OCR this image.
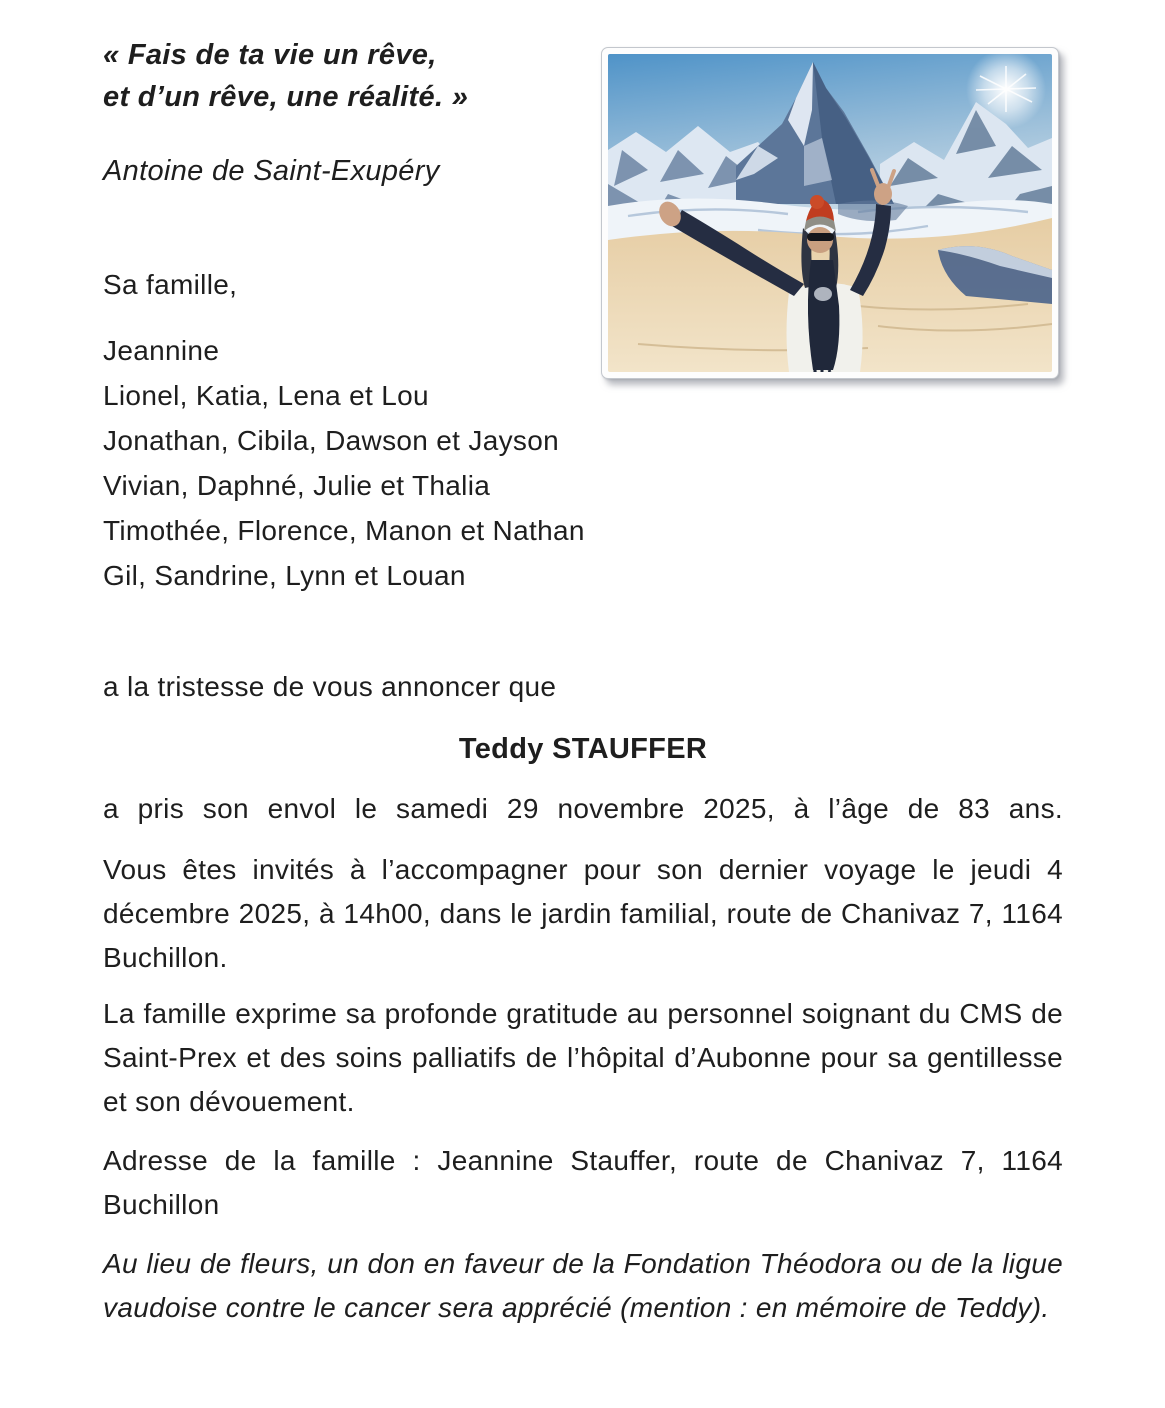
« Fais de ta vie un rêve,
et d’un rêve, une réalité. »
Antoine de Saint-Exupéry
Sa famille,
Jeannine
Lionel, Katia, Lena et Lou
Jonathan, Cibila, Dawson et Jayson
Vivian, Daphné, Julie et Thalia
Timothée, Florence, Manon et Nathan
Gil, Sandrine, Lynn et Louan
a la tristesse de vous annoncer que
Teddy STAUFFER
a pris son envol le samedi 29 novembre 2025, à l’âge de 83 ans.

Vous êtes invités à l’accompagner pour son dernier voyage le jeudi 4 décembre 2025, à 14h00, dans le jardin familial, route de Chanivaz 7, 1164 Buchillon.

La famille exprime sa profonde gratitude au personnel soignant du CMS de Saint-Prex et des soins palliatifs de l’hôpital d’Aubonne pour sa gentillesse et son dévouement.

Adresse de la famille : Jeannine Stauffer, route de Chanivaz 7, 1164 Buchillon

Au lieu de fleurs, un don en faveur de la Fondation Théodora ou de la ligue vaudoise contre le cancer sera apprécié (mention : en mémoire de Teddy).
